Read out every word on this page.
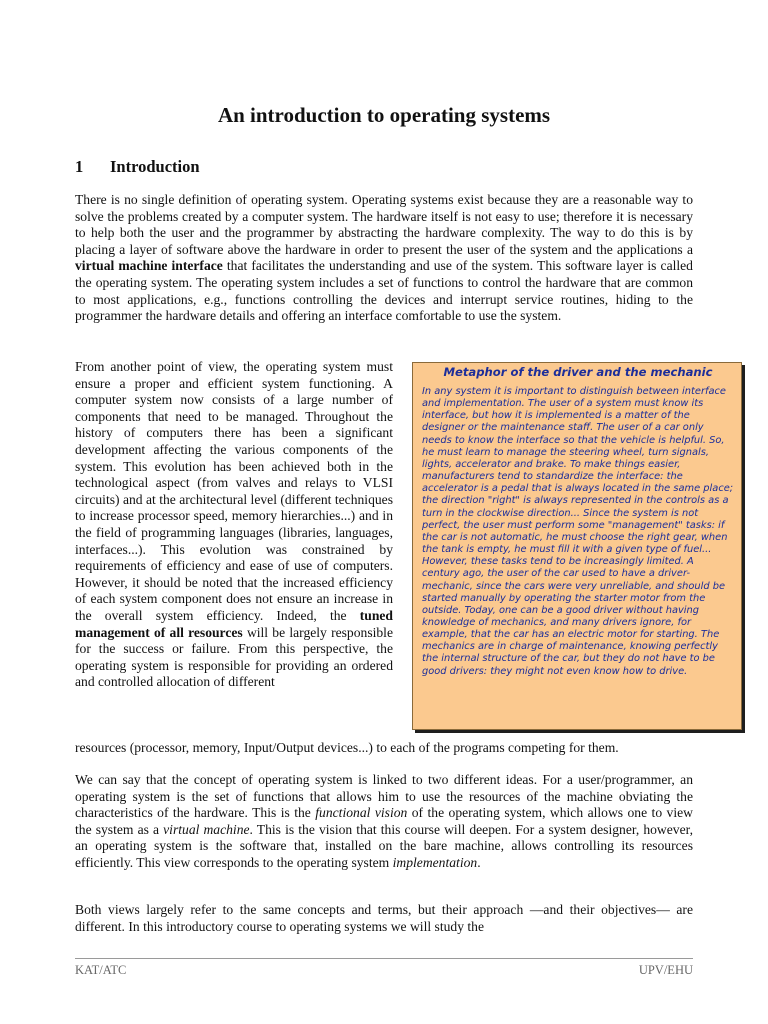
An introduction to operating systems
1 Introduction

There is no single definition of operating system. Operating systems exist because they are a reasonable way to solve the problems created by a computer system. The hardware itself is not easy to use; therefore it is necessary to help both the user and the programmer by abstracting the hardware complexity. The way to do this is by placing a layer of software above the hardware in order to present the user of the system and the applications a virtual machine interface that facilitates the understanding and use of the system. This software layer is called the operating system. The operating system includes a set of functions to control the hardware that are common to most applications, e.g., functions controlling the devices and interrupt service routines, hiding to the programmer the hardware details and offering an interface comfortable to use the system.

From another point of view, the operating system must ensure a proper and efficient system functioning. A computer system now consists of a large number of components that need to be managed. Throughout the history of computers there has been a significant development affecting the various components of the system. This evolution has been achieved both in the technological aspect (from valves and relays to VLSI circuits) and at the architectural level (different techniques to increase processor speed, memory hierarchies...) and in the field of programming languages (libraries, languages, interfaces...). This evolution was constrained by requirements of efficiency and ease of use of computers. However, it should be noted that the increased efficiency of each system component does not ensure an increase in the overall system efficiency. Indeed, the tuned management of all resources will be largely responsible for the success or failure. From this perspective, the operating system is responsible for providing an ordered and controlled allocation of different

Metaphor of the driver and the mechanic

In any system it is important to distinguish between interface and implementation. The user of a system must know its interface, but how it is implemented is a matter of the designer or the maintenance staff. The user of a car only needs to know the interface so that the vehicle is helpful. So, he must learn to manage the steering wheel, turn signals, lights, accelerator and brake. To make things easier, manufacturers tend to standardize the interface: the accelerator is a pedal that is always located in the same place; the direction "right" is always represented in the controls as a turn in the clockwise direction... Since the system is not perfect, the user must perform some "management" tasks: if the car is not automatic, he must choose the right gear, when the tank is empty, he must fill it with a given type of fuel... However, these tasks tend to be increasingly limited. A century ago, the user of the car used to have a driver-mechanic, since the cars were very unreliable, and should be started manually by operating the starter motor from the outside. Today, one can be a good driver without having knowledge of mechanics, and many drivers ignore, for example, that the car has an electric motor for starting. The mechanics are in charge of maintenance, knowing perfectly the internal structure of the car, but they do not have to be good drivers: they might not even know how to drive.

resources (processor, memory, Input/Output devices...) to each of the programs competing for them.

We can say that the concept of operating system is linked to two different ideas. For a user/programmer, an operating system is the set of functions that allows him to use the resources of the machine obviating the characteristics of the hardware. This is the functional vision of the operating system, which allows one to view the system as a virtual machine. This is the vision that this course will deepen. For a system designer, however, an operating system is the software that, installed on the bare machine, allows controlling its resources efficiently. This view corresponds to the operating system implementation.

Both views largely refer to the same concepts and terms, but their approach —and their objectives— are different. In this introductory course to operating systems we will study the

KAT/ATC	UPV/EHU
